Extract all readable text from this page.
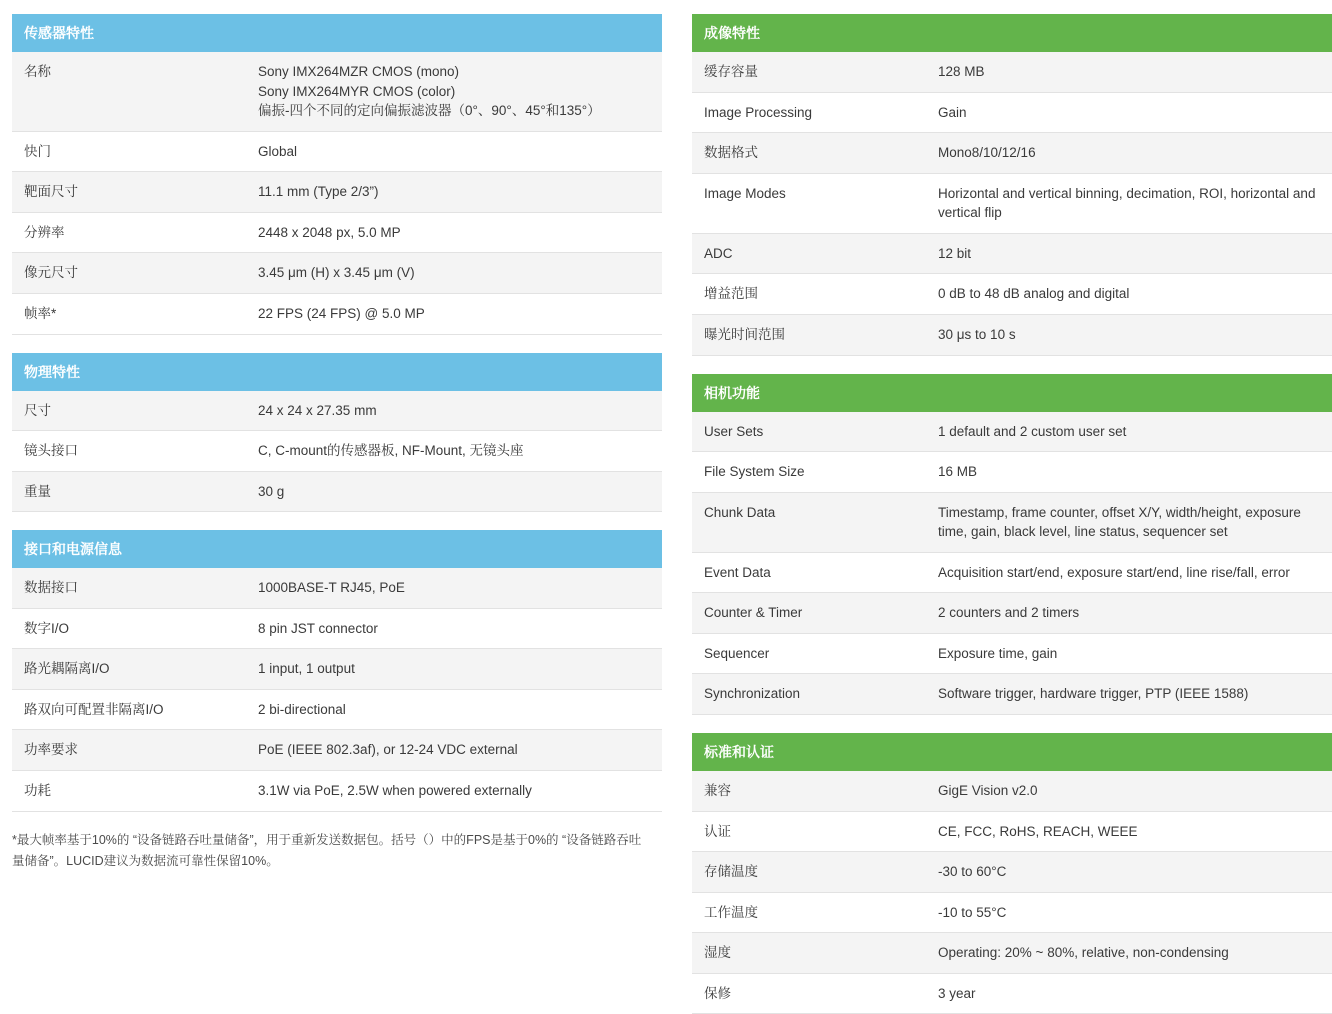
传感器特性
名称	Sony IMX264MZR CMOS (mono)
Sony IMX264MYR CMOS (color)
偏振-四个不同的定向偏振滤波器（0°、90°、45°和135°）

快门	Global

靶面尺寸	11.1 mm (Type 2/3”)

分辨率	2448 x 2048 px, 5.0 MP

像元尺寸	3.45 μm (H) x 3.45 μm (V)

帧率*	22 FPS (24 FPS) @ 5.0 MP
物理特性
尺寸	24 x 24 x 27.35 mm

镜头接口	C, C-mount的传感器板, NF-Mount, 无镜头座

重量	30 g
接口和电源信息
数据接口	1000BASE-T RJ45, PoE

数字I/O	8 pin JST connector

路光耦隔离I/O	1 input, 1 output

路双向可配置非隔离I/O	2 bi-directional

功率要求	PoE (IEEE 802.3af), or 12-24 VDC external

功耗	3.1W via PoE, 2.5W when powered externally
*最大帧率基于10%的 “设备链路吞吐量储备”，用于重新发送数据包。括号（）中的FPS是基于0%的 “设备链路吞吐量储备”。LUCID建议为数据流可靠性保留10%。
成像特性
缓存容量	128 MB

Image Processing	Gain

数据格式	Mono8/10/12/16

Image Modes	Horizontal and vertical binning, decimation, ROI, horizontal and vertical flip

ADC	12 bit

增益范围	0 dB to 48 dB analog and digital

曝光时间范围	30 μs to 10 s
相机功能
User Sets	1 default and 2 custom user set

File System Size	16 MB

Chunk Data	Timestamp, frame counter, offset X/Y, width/height, exposure time, gain, black level, line status, sequencer set

Event Data	Acquisition start/end, exposure start/end, line rise/fall, error

Counter & Timer	2 counters and 2 timers

Sequencer	Exposure time, gain

Synchronization	Software trigger, hardware trigger, PTP (IEEE 1588)
标准和认证
兼容	GigE Vision v2.0

认证	CE, FCC, RoHS, REACH, WEEE

存储温度	-30 to 60°C

工作温度	-10 to 55°C

湿度	Operating: 20% ~ 80%, relative, non-condensing

保修	3 year
